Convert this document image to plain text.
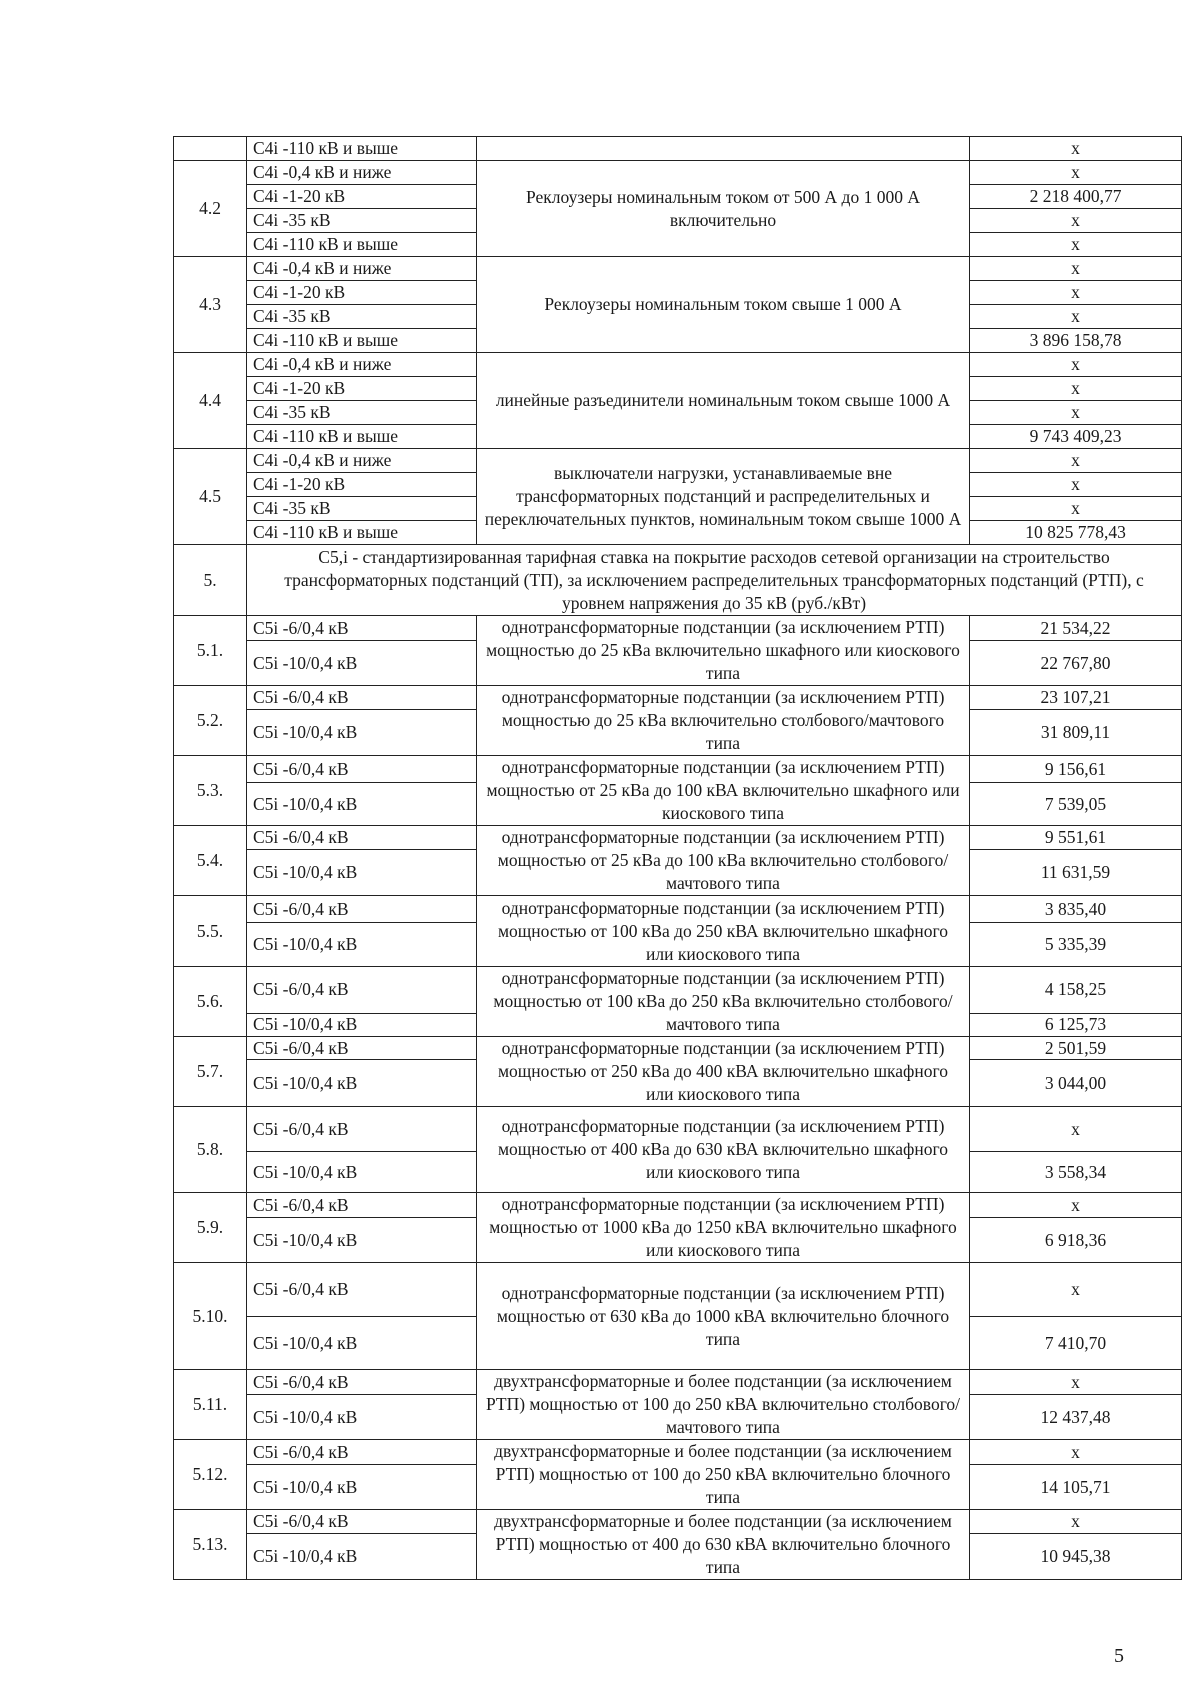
	C4i -110 кВ и выше		x
4.2	C4i -0,4 кВ и ниже	Реклоузеры номинальным током от 500 А до 1 000 А включительно	x
	C4i -1-20 кВ		2 218 400,77
	C4i -35 кВ		x
	C4i -110 кВ и выше		x
4.3	C4i -0,4 кВ и ниже	Реклоузеры номинальным током свыше 1 000 А	x
	C4i -1-20 кВ		x
	C4i -35 кВ		x
	C4i -110 кВ и выше		3 896 158,78
4.4	C4i -0,4 кВ и ниже	линейные разъединители номинальным током свыше 1000 А	x
	C4i -1-20 кВ		x
	C4i -35 кВ		x
	C4i -110 кВ и выше		9 743 409,23
4.5	C4i -0,4 кВ и ниже	выключатели нагрузки, устанавливаемые вне трансформаторных подстанций и распределительных и переключательных пунктов, номинальным током свыше 1000 А	x
	C4i -1-20 кВ		x
	C4i -35 кВ		x
	C4i -110 кВ и выше		10 825 778,43
5.	C5,i - стандартизированная тарифная ставка на покрытие расходов сетевой организации на строительство трансформаторных подстанций (ТП), за исключением распределительных трансформаторных подстанций (РТП), с уровнем напряжения до 35 кВ (руб./кВт)		
5.1.	C5i -6/0,4 кВ	однотрансформаторные подстанции (за исключением РТП) мощностью до 25 кВа включительно шкафного или киоскового типа	21 534,22
	C5i -10/0,4 кВ		22 767,80
5.2.	C5i -6/0,4 кВ	однотрансформаторные подстанции (за исключением РТП) мощностью до 25 кВа включительно столбового/мачтового типа	23 107,21
	C5i -10/0,4 кВ		31 809,11
5.3.	C5i -6/0,4 кВ	однотрансформаторные подстанции (за исключением РТП) мощностью от 25 кВа до 100 кВА включительно шкафного или киоскового типа	9 156,61
	C5i -10/0,4 кВ		7 539,05
5.4.	C5i -6/0,4 кВ	однотрансформаторные подстанции (за исключением РТП) мощностью от 25 кВа до 100 кВа включительно столбового/мачтового типа	9 551,61
	C5i -10/0,4 кВ		11 631,59
5.5.	C5i -6/0,4 кВ	однотрансформаторные подстанции (за исключением РТП) мощностью от 100 кВа до 250 кВА включительно шкафного или киоскового типа	3 835,40
	C5i -10/0,4 кВ		5 335,39
5.6.	C5i -6/0,4 кВ	однотрансформаторные подстанции (за исключением РТП) мощностью от 100 кВа до 250 кВа включительно столбового/мачтового типа	4 158,25
	C5i -10/0,4 кВ		6 125,73
5.7.	C5i -6/0,4 кВ	однотрансформаторные подстанции (за исключением РТП) мощностью от 250 кВа до 400 кВА включительно шкафного или киоскового типа	2 501,59
	C5i -10/0,4 кВ		3 044,00
5.8.	C5i -6/0,4 кВ	однотрансформаторные подстанции (за исключением РТП) мощностью от 400 кВа до 630 кВА включительно шкафного или киоскового типа	x
	C5i -10/0,4 кВ		3 558,34
5.9.	C5i -6/0,4 кВ	однотрансформаторные подстанции (за исключением РТП) мощностью от 1000 кВа до 1250 кВА включительно шкафного или киоскового типа	x
	C5i -10/0,4 кВ		6 918,36
5.10.	C5i -6/0,4 кВ	однотрансформаторные подстанции (за исключением РТП) мощностью от 630 кВа до 1000 кВА включительно блочного типа	x
	C5i -10/0,4 кВ		7 410,70
5.11.	C5i -6/0,4 кВ	двухтрансформаторные и более подстанции (за исключением РТП) мощностью от 100 до 250 кВА включительно столбового/мачтового типа	x
	C5i -10/0,4 кВ		12 437,48
5.12.	C5i -6/0,4 кВ	двухтрансформаторные и более подстанции (за исключением РТП) мощностью от 100 до 250 кВА включительно блочного типа	x
	C5i -10/0,4 кВ		14 105,71
5.13.	C5i -6/0,4 кВ	двухтрансформаторные и более подстанции (за исключением РТП) мощностью от 400 до 630 кВА включительно блочного типа	x
	C5i -10/0,4 кВ		10 945,38
5
